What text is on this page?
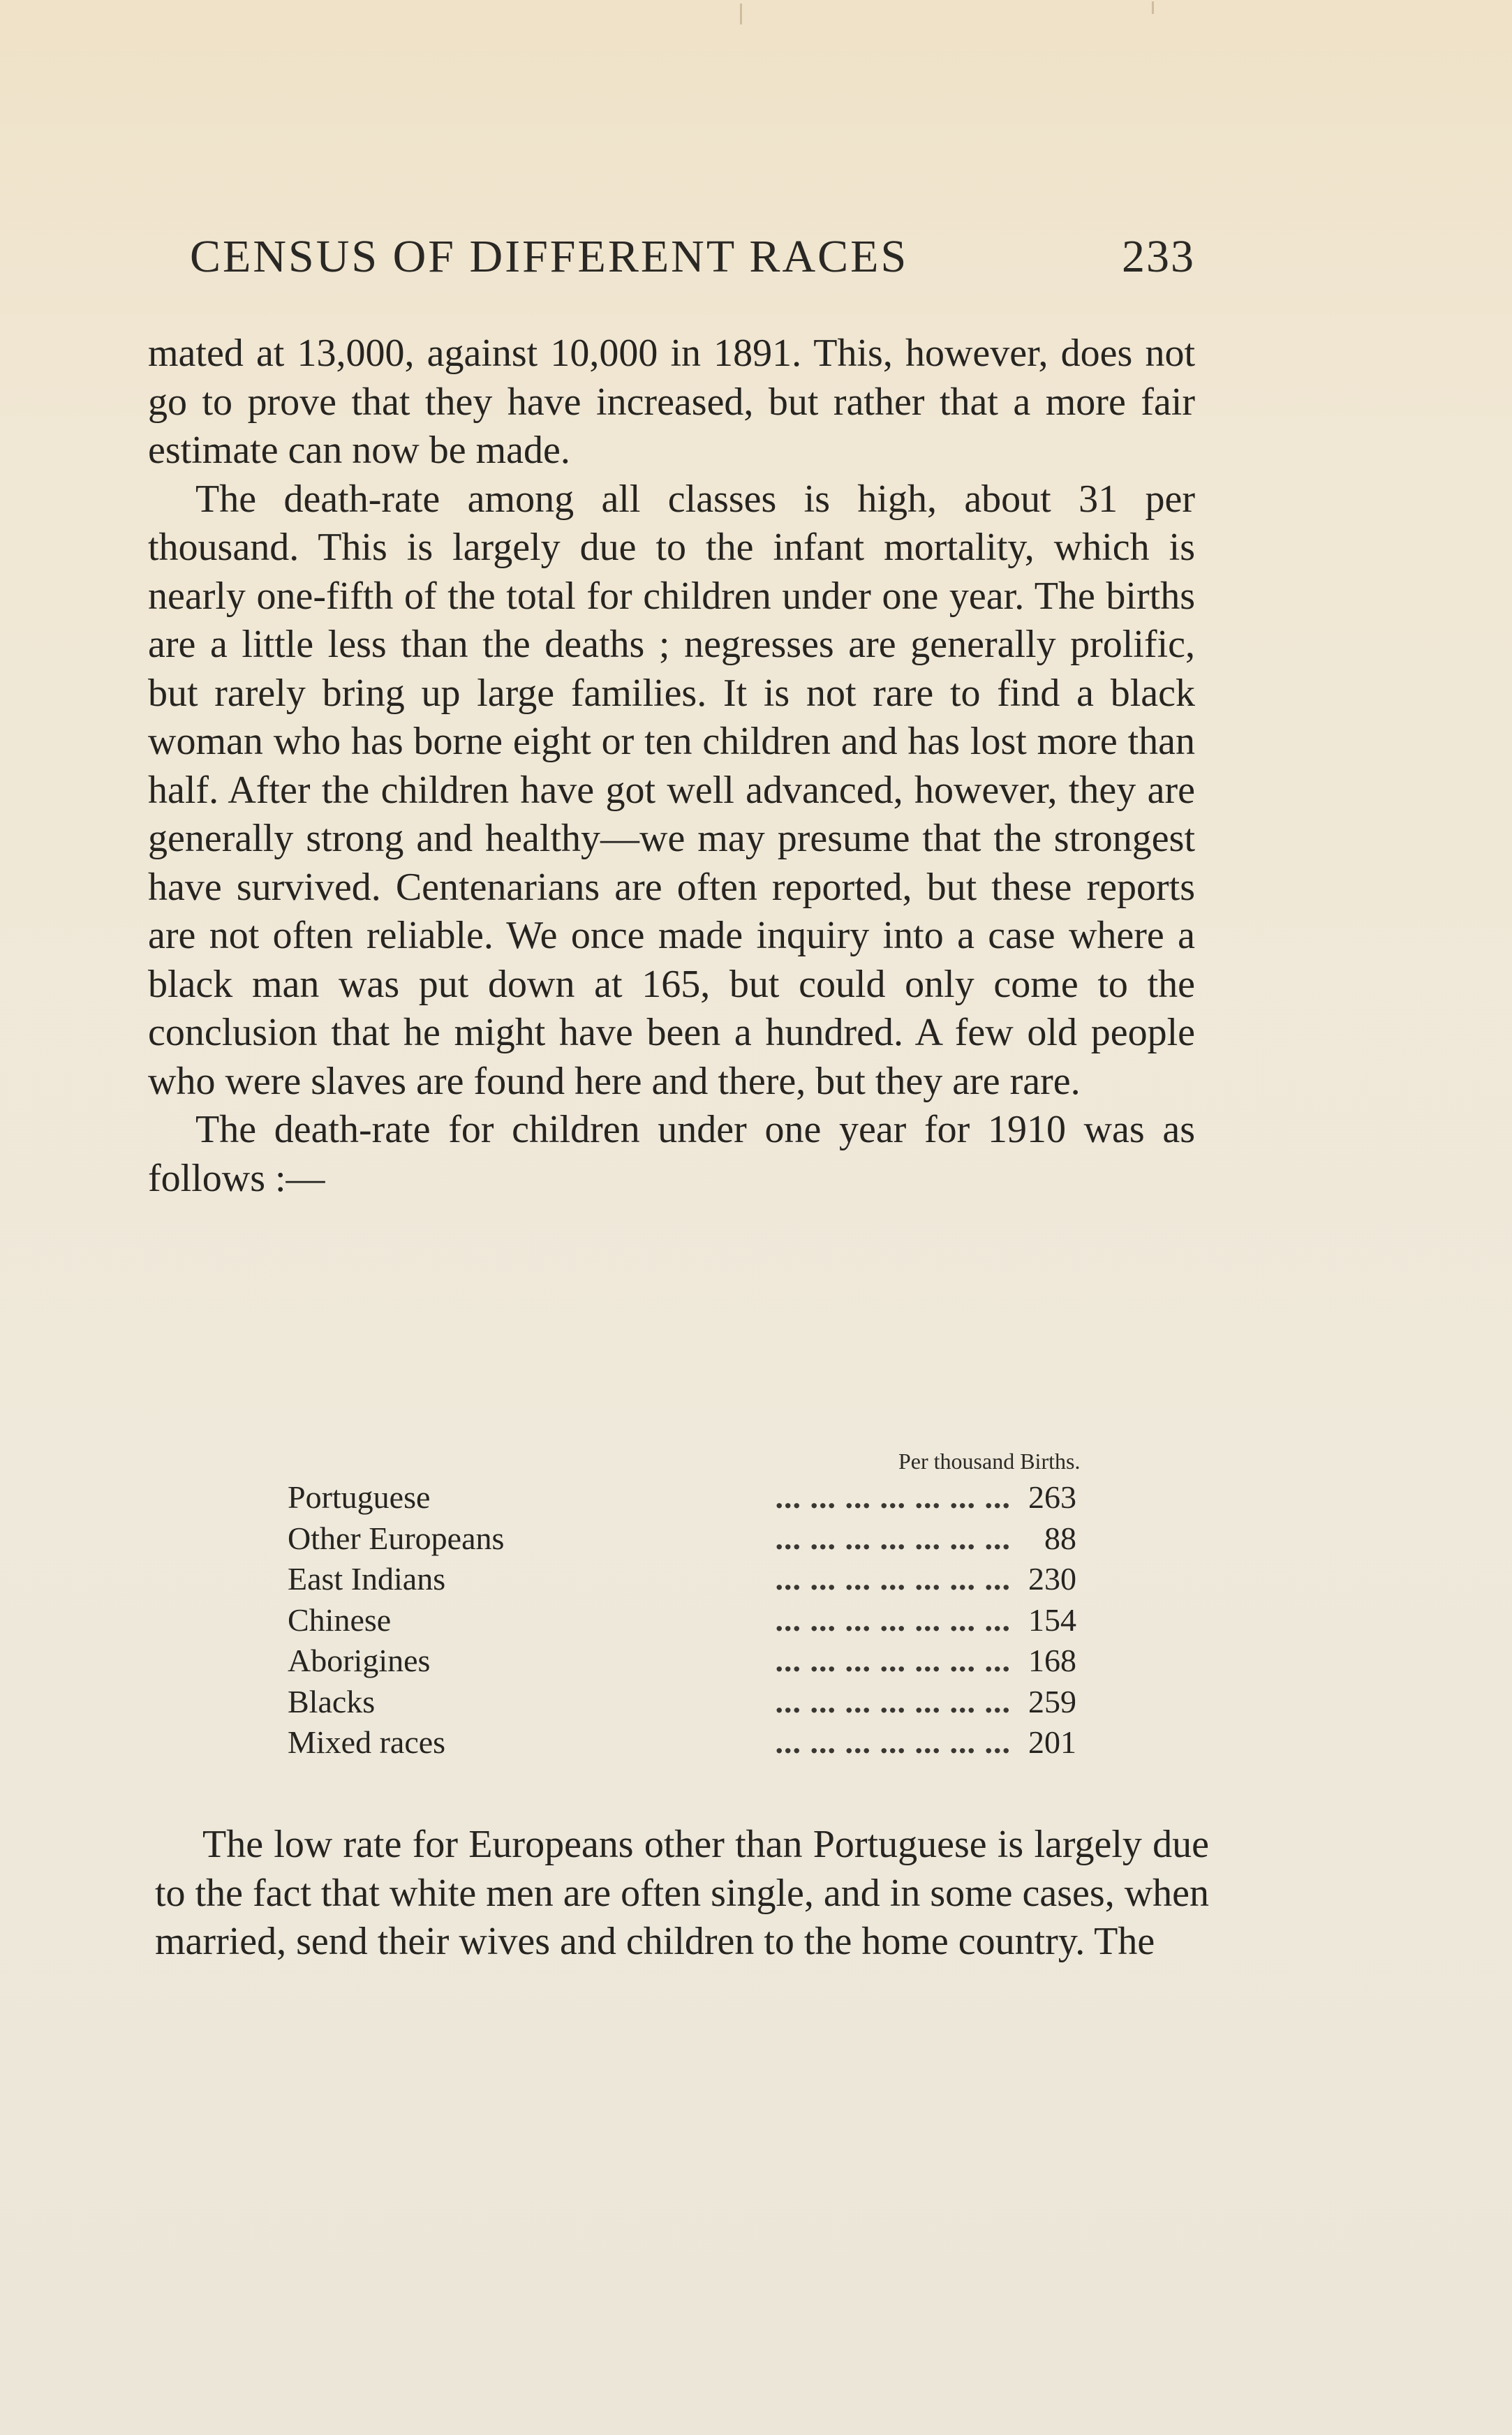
CENSUS OF DIFFERENT RACES	233

mated at 13,000, against 10,000 in 1891. This, however, does not go to prove that they have increased, but rather that a more fair estimate can now be made.

The death-rate among all classes is high, about 31 per thousand. This is largely due to the infant mortality, which is nearly one-fifth of the total for children under one year. The births are a little less than the deaths ; negresses are generally prolific, but rarely bring up large families. It is not rare to find a black woman who has borne eight or ten children and has lost more than half. After the children have got well advanced, however, they are generally strong and healthy—we may presume that the strongest have survived. Centenarians are often reported, but these reports are not often reliable. We once made inquiry into a case where a black man was put down at 165, but could only come to the conclusion that he might have been a hundred. A few old people who were slaves are found here and there, but they are rare.

The death-rate for children under one year for 1910 was as follows :—

Per thousand Births.
Portuguese	... ... ... ... ... ... ... 263
Other Europeans	... ... ... ... ... ... ...	88
East Indians	... ... ... ... ... ... ... 230
Chinese	... ... ... ... ... ... ... 154
Aborigines	... ... ... ... ... ... ... 168
Blacks	... ... ... ... ... ... ... 259
Mixed races	... ... ... ... ... ... ... 201

The low rate for Europeans other than Portuguese is largely due to the fact that white men are often single, and in some cases, when married, send their wives and children to the home country. The
